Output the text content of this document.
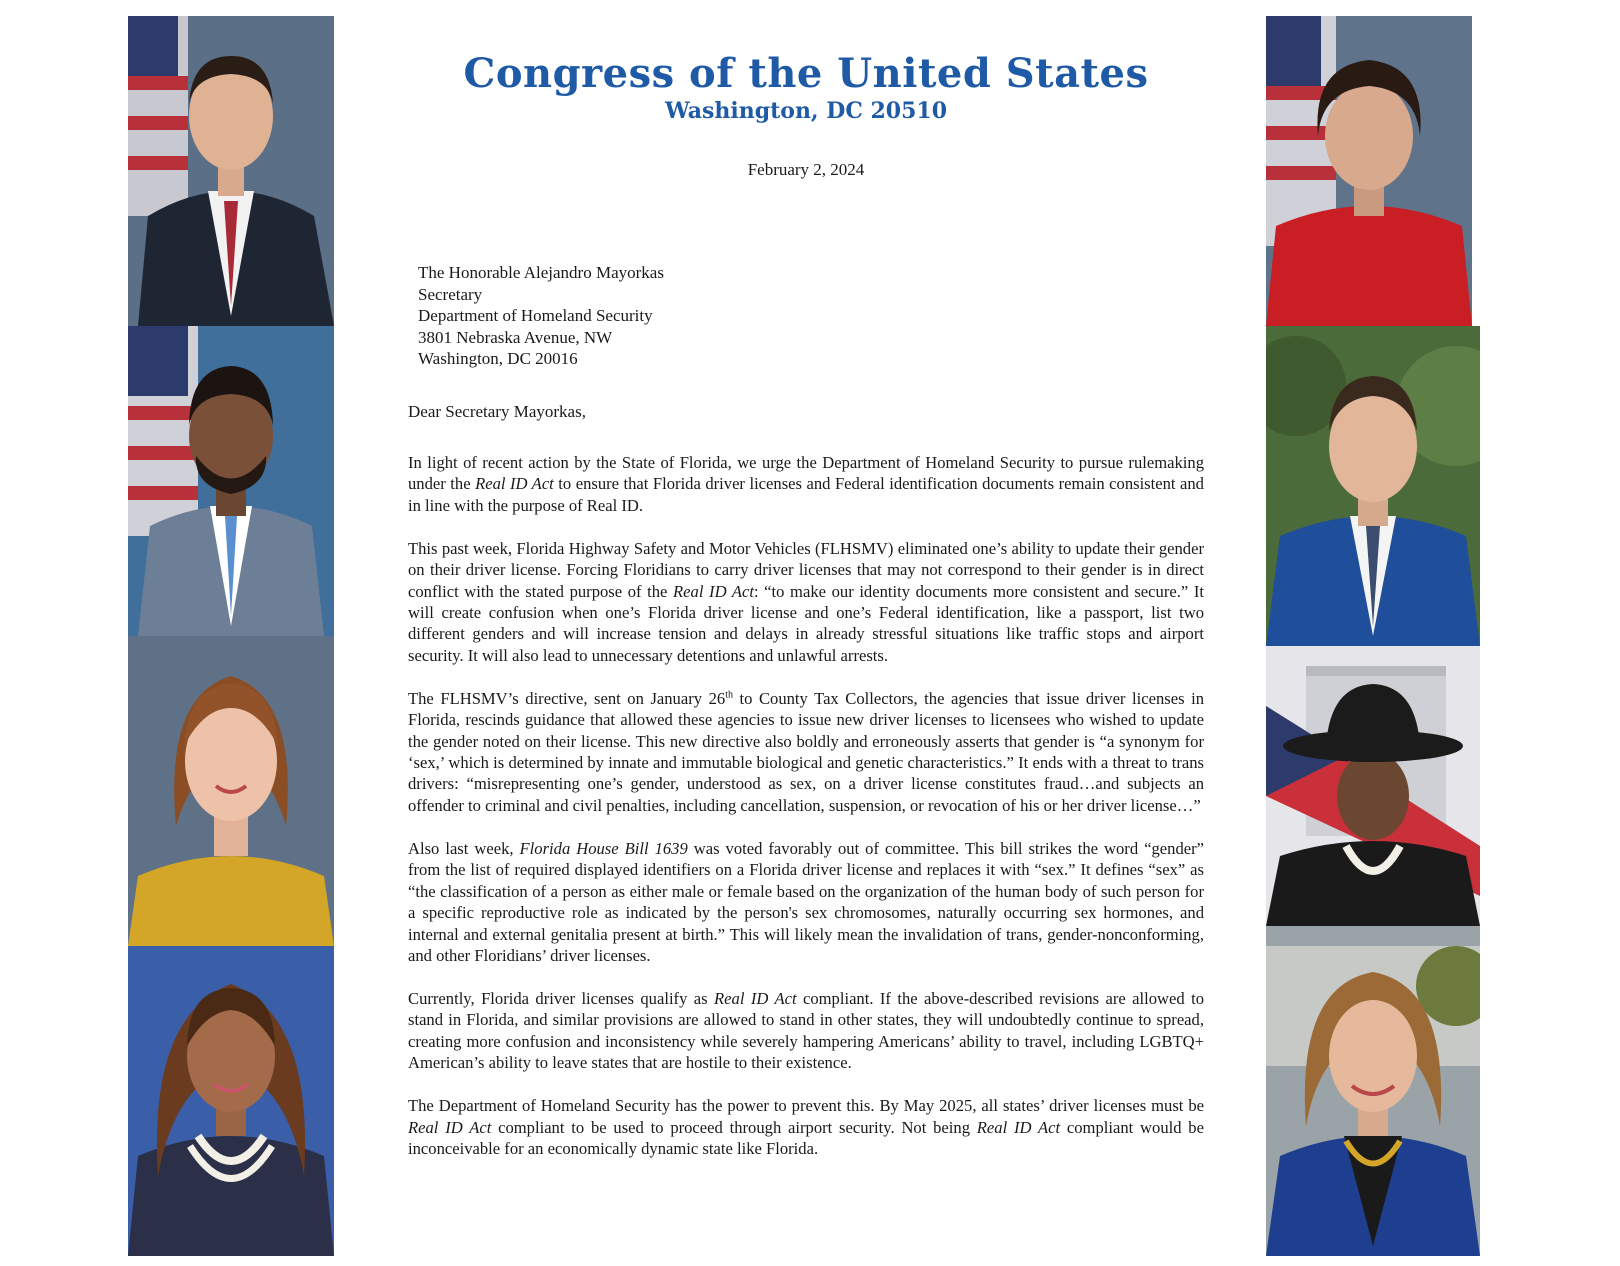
Congress of the United States
Washington, DC 20510
February 2, 2024
The Honorable Alejandro Mayorkas
Secretary
Department of Homeland Security
3801 Nebraska Avenue, NW
Washington, DC 20016
Dear Secretary Mayorkas,

In light of recent action by the State of Florida, we urge the Department of Homeland Security to pursue rulemaking under the Real ID Act to ensure that Florida driver licenses and Federal identification documents remain consistent and in line with the purpose of Real ID.

This past week, Florida Highway Safety and Motor Vehicles (FLHSMV) eliminated one’s ability to update their gender on their driver license. Forcing Floridians to carry driver licenses that may not correspond to their gender is in direct conflict with the stated purpose of the Real ID Act: “to make our identity documents more consistent and secure.” It will create confusion when one’s Florida driver license and one’s Federal identification, like a passport, list two different genders and will increase tension and delays in already stressful situations like traffic stops and airport security. It will also lead to unnecessary detentions and unlawful arrests.

The FLHSMV’s directive, sent on January 26th to County Tax Collectors, the agencies that issue driver licenses in Florida, rescinds guidance that allowed these agencies to issue new driver licenses to licensees who wished to update the gender noted on their license. This new directive also boldly and erroneously asserts that gender is “a synonym for ‘sex,’ which is determined by innate and immutable biological and genetic characteristics.” It ends with a threat to trans drivers: “misrepresenting one’s gender, understood as sex, on a driver license constitutes fraud…and subjects an offender to criminal and civil penalties, including cancellation, suspension, or revocation of his or her driver license…”

Also last week, Florida House Bill 1639 was voted favorably out of committee. This bill strikes the word “gender” from the list of required displayed identifiers on a Florida driver license and replaces it with “sex.” It defines “sex” as “the classification of a person as either male or female based on the organization of the human body of such person for a specific reproductive role as indicated by the person's sex chromosomes, naturally occurring sex hormones, and internal and external genitalia present at birth.” This will likely mean the invalidation of trans, gender-nonconforming, and other Floridians’ driver licenses.

Currently, Florida driver licenses qualify as Real ID Act compliant. If the above-described revisions are allowed to stand in Florida, and similar provisions are allowed to stand in other states, they will undoubtedly continue to spread, creating more confusion and inconsistency while severely hampering Americans’ ability to travel, including LGBTQ+ American’s ability to leave states that are hostile to their existence.

The Department of Homeland Security has the power to prevent this. By May 2025, all states’ driver licenses must be Real ID Act compliant to be used to proceed through airport security. Not being Real ID Act compliant would be inconceivable for an economically dynamic state like Florida.
